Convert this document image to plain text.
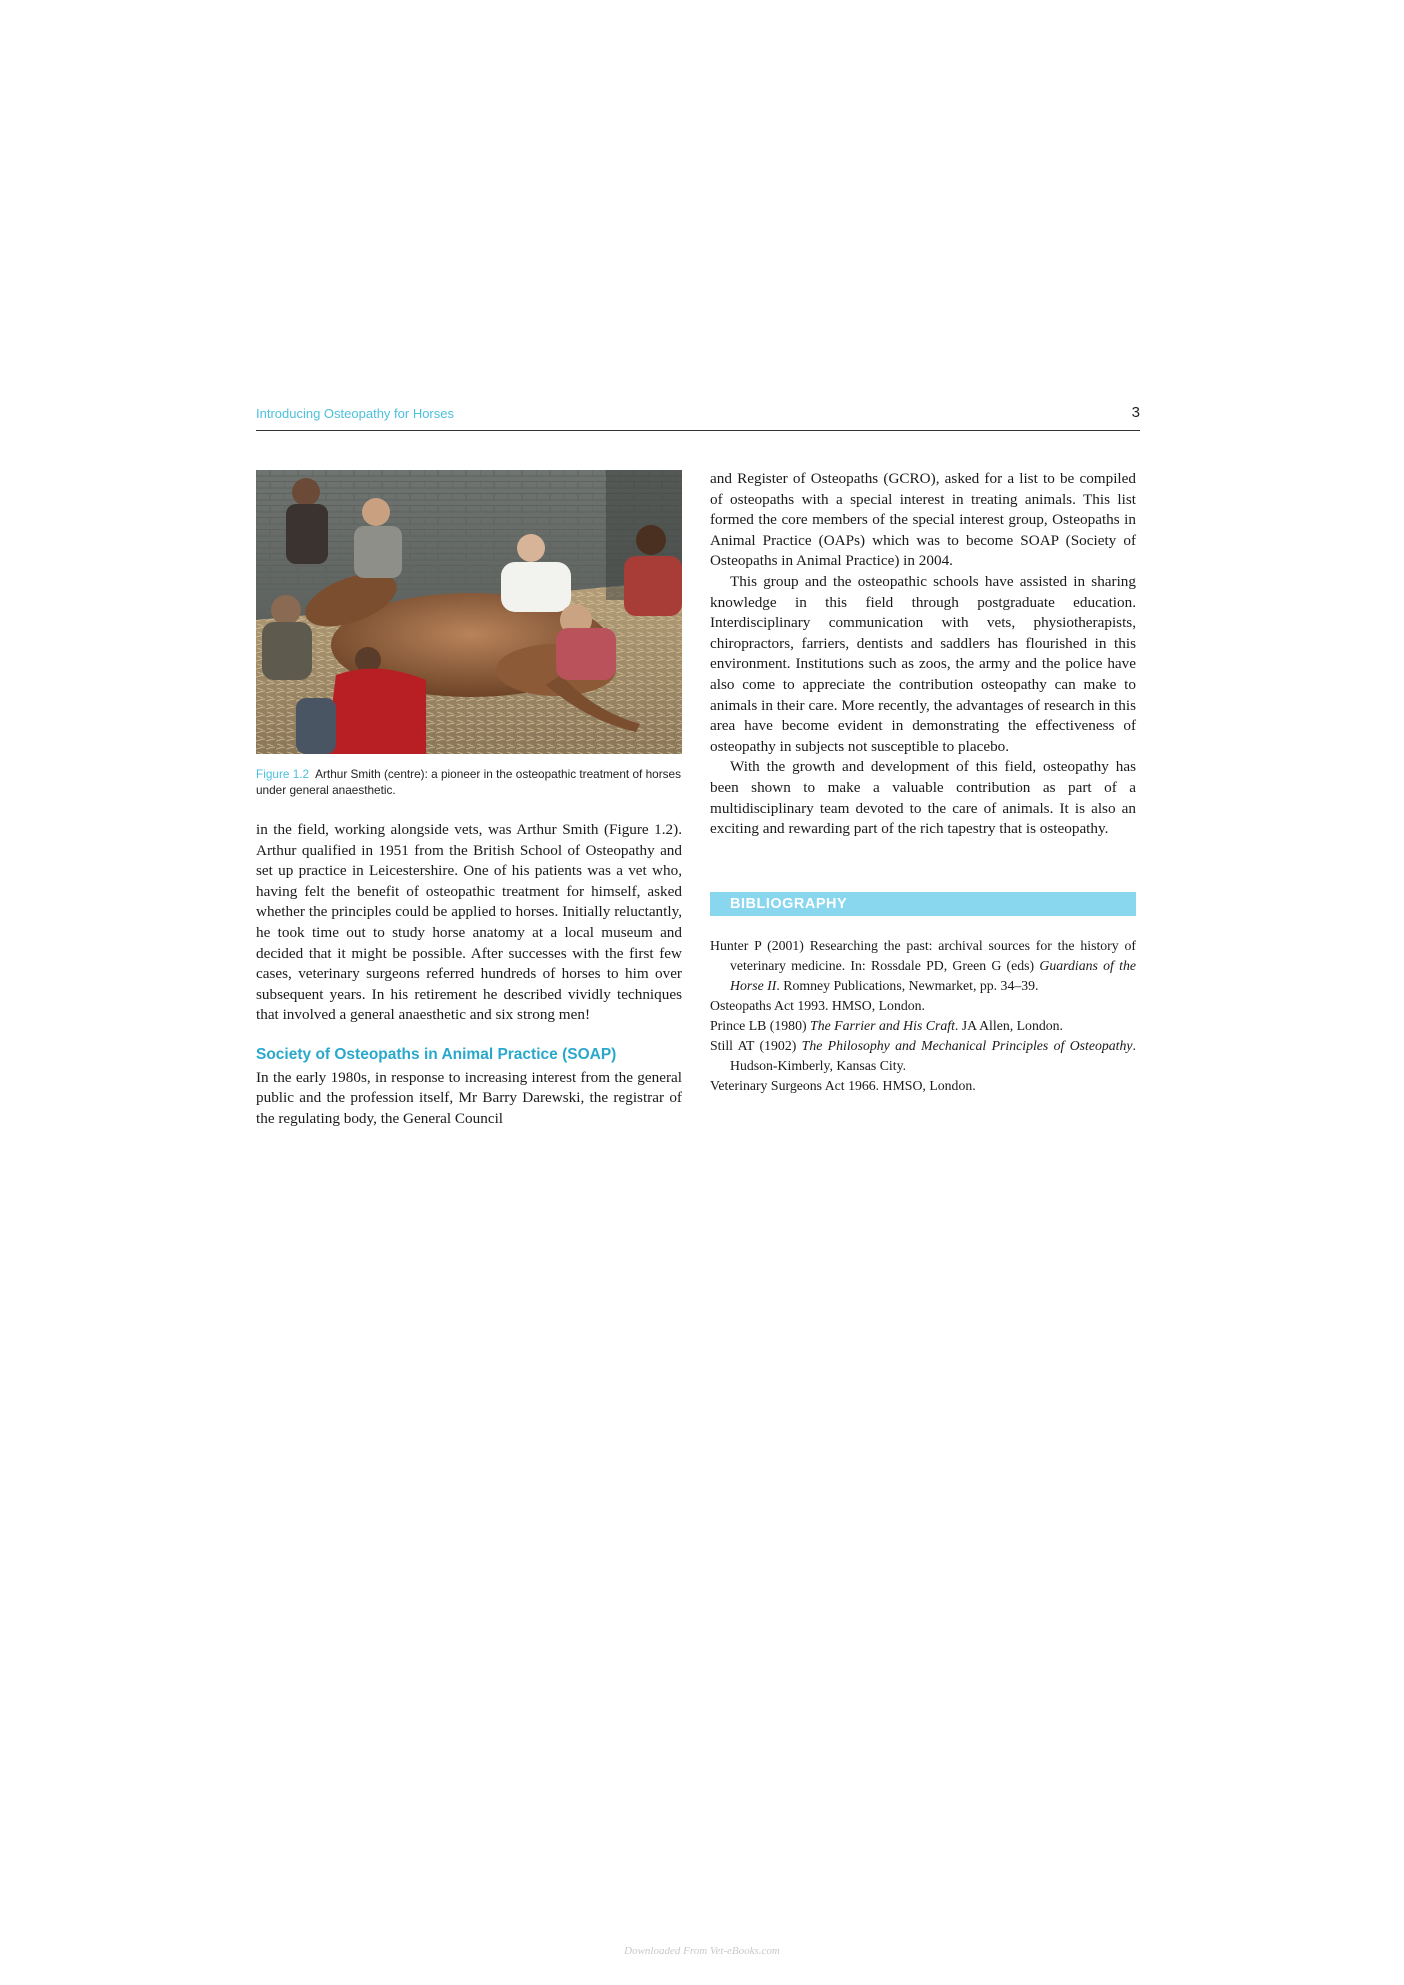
Introducing Osteopathy for Horses	3
Figure 1.2 Arthur Smith (centre): a pioneer in the osteopathic treatment of horses under general anaesthetic.

in the field, working alongside vets, was Arthur Smith (Figure 1.2). Arthur qualified in 1951 from the British School of Osteopathy and set up practice in Leicestershire. One of his patients was a vet who, having felt the benefit of osteopathic treatment for himself, asked whether the principles could be applied to horses. Initially reluctantly, he took time out to study horse anatomy at a local museum and decided that it might be possible. After successes with the first few cases, veterinary surgeons referred hundreds of horses to him over subsequent years. In his retirement he described vividly techniques that involved a general anaesthetic and six strong men!

Society of Osteopaths in Animal Practice (SOAP)

In the early 1980s, in response to increasing interest from the general public and the profession itself, Mr Barry Darewski, the registrar of the regulating body, the General Council

and Register of Osteopaths (GCRO), asked for a list to be compiled of osteopaths with a special interest in treating animals. This list formed the core members of the special interest group, Osteopaths in Animal Practice (OAPs) which was to become SOAP (Society of Osteopaths in Animal Practice) in 2004.

This group and the osteopathic schools have assisted in sharing knowledge in this field through postgraduate education. Interdisciplinary communication with vets, physiotherapists, chiropractors, farriers, dentists and saddlers has flourished in this environment. Institutions such as zoos, the army and the police have also come to appreciate the contribution osteopathy can make to animals in their care. More recently, the advantages of research in this area have become evident in demonstrating the effectiveness of osteopathy in subjects not susceptible to placebo.

With the growth and development of this field, osteopathy has been shown to make a valuable contribution as part of a multidisciplinary team devoted to the care of animals. It is also an exciting and rewarding part of the rich tapestry that is osteopathy.

BIBLIOGRAPHY
Hunter P (2001) Researching the past: archival sources for the history of veterinary medicine. In: Rossdale PD, Green G (eds) Guardians of the Horse II. Romney Publications, Newmarket, pp. 34–39.
Osteopaths Act 1993. HMSO, London.
Prince LB (1980) The Farrier and His Craft. JA Allen, London.
Still AT (1902) The Philosophy and Mechanical Principles of Osteopathy. Hudson-Kimberly, Kansas City.
Veterinary Surgeons Act 1966. HMSO, London.
Downloaded From Vet-eBooks.com
